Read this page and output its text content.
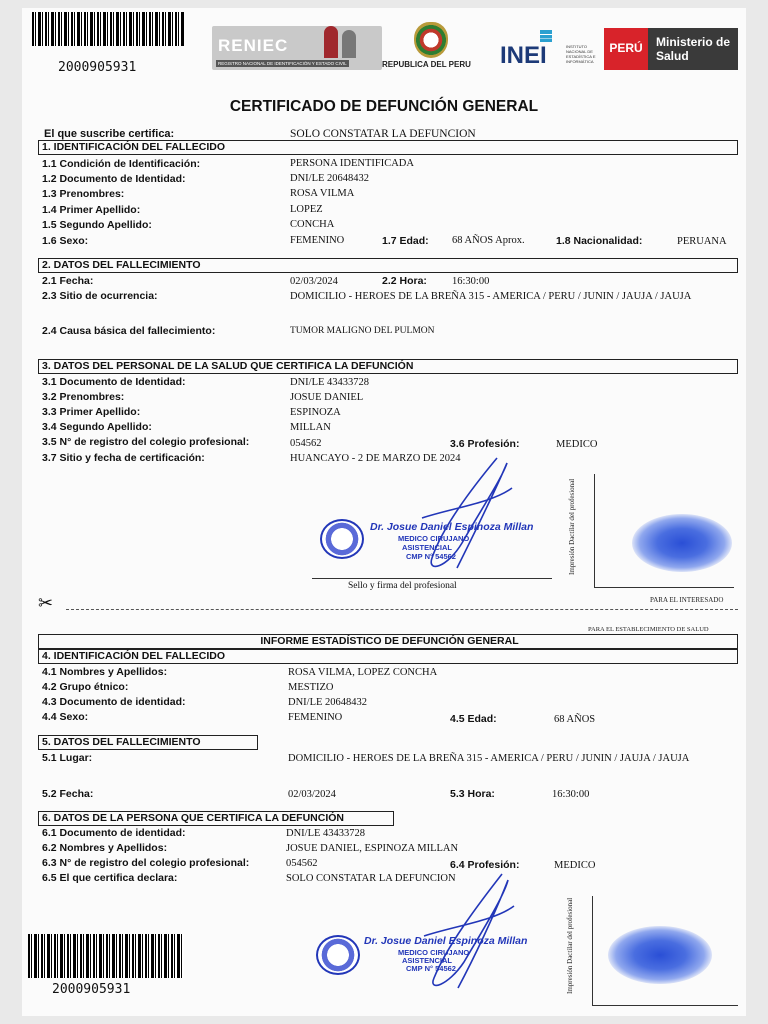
2000905931
RENIEC
REGISTRO NACIONAL DE IDENTIFICACIÓN Y ESTADO CIVIL	REPUBLICA DEL PERU INEI	INSTITUTO NACIONAL DE ESTADÍSTICA E INFORMÁTICA
PERÚ	Ministerio de Salud
CERTIFICADO DE DEFUNCIÓN GENERAL
El que suscribe certifica:	SOLO CONSTATAR LA DEFUNCION
1. IDENTIFICACIÓN DEL FALLECIDO
1.1 Condición de Identificación:	PERSONA IDENTIFICADA
1.2 Documento de Identidad:	DNI/LE 20648432
1.3 Prenombres:	ROSA VILMA
1.4 Primer Apellido:	LOPEZ
1.5 Segundo Apellido:	CONCHA
1.6 Sexo:	FEMENINO	1.7 Edad: 68 AÑOS Aprox.	1.8 Nacionalidad:	PERUANA
2. DATOS DEL FALLECIMIENTO
2.1 Fecha:	02/03/2024	2.2 Hora: 16:30:00
2.3 Sitio de ocurrencia:	DOMICILIO - HEROES DE LA BREÑA 315 - AMERICA / PERU / JUNIN / JAUJA / JAUJA
2.4 Causa básica del fallecimiento:	TUMOR MALIGNO DEL PULMON
3. DATOS DEL PERSONAL DE LA SALUD QUE CERTIFICA LA DEFUNCIÓN
3.1 Documento de Identidad:	DNI/LE 43433728
3.2 Prenombres:	JOSUE DANIEL
3.3 Primer Apellido:	ESPINOZA
3.4 Segundo Apellido:	MILLAN
3.5 N° de registro del colegio profesional:	054562	3.6 Profesión:	MEDICO
3.7 Sitio y fecha de certificación:	HUANCAYO - 2 DE MARZO DE 2024
Dr. Josue Daniel Espinoza Millan
MEDICO CIRUJANO
ASISTENCIAL
CMP N° 54562
Sello y firma del profesional
Impresión Dactilar del profesional
PARA EL INTERESADO
✂
PARA EL ESTABLECIMIENTO DE SALUD
INFORME ESTADÍSTICO DE DEFUNCIÓN GENERAL
4. IDENTIFICACIÓN DEL FALLECIDO
4.1 Nombres y Apellidos:	ROSA VILMA, LOPEZ CONCHA
4.2 Grupo étnico:	MESTIZO
4.3 Documento de identidad:	DNI/LE 20648432
4.4 Sexo:	FEMENINO	4.5 Edad:	68 AÑOS
5. DATOS DEL FALLECIMIENTO
5.1 Lugar:	DOMICILIO - HEROES DE LA BREÑA 315 - AMERICA / PERU / JUNIN / JAUJA / JAUJA
5.2 Fecha:	02/03/2024	5.3 Hora:	16:30:00
6. DATOS DE LA PERSONA QUE CERTIFICA LA DEFUNCIÓN
6.1 Documento de identidad:	DNI/LE 43433728
6.2 Nombres y Apellidos:	JOSUE DANIEL, ESPINOZA MILLAN
6.3 N° de registro del colegio profesional:	054562	6.4 Profesión:	MEDICO
6.5 El que certifica declara:	SOLO CONSTATAR LA DEFUNCION
Dr. Josue Daniel Espinoza Millan
MEDICO CIRUJANO
ASISTENCIAL
CMP N° 54562	Impresión Dactilar del profesional
2000905931
